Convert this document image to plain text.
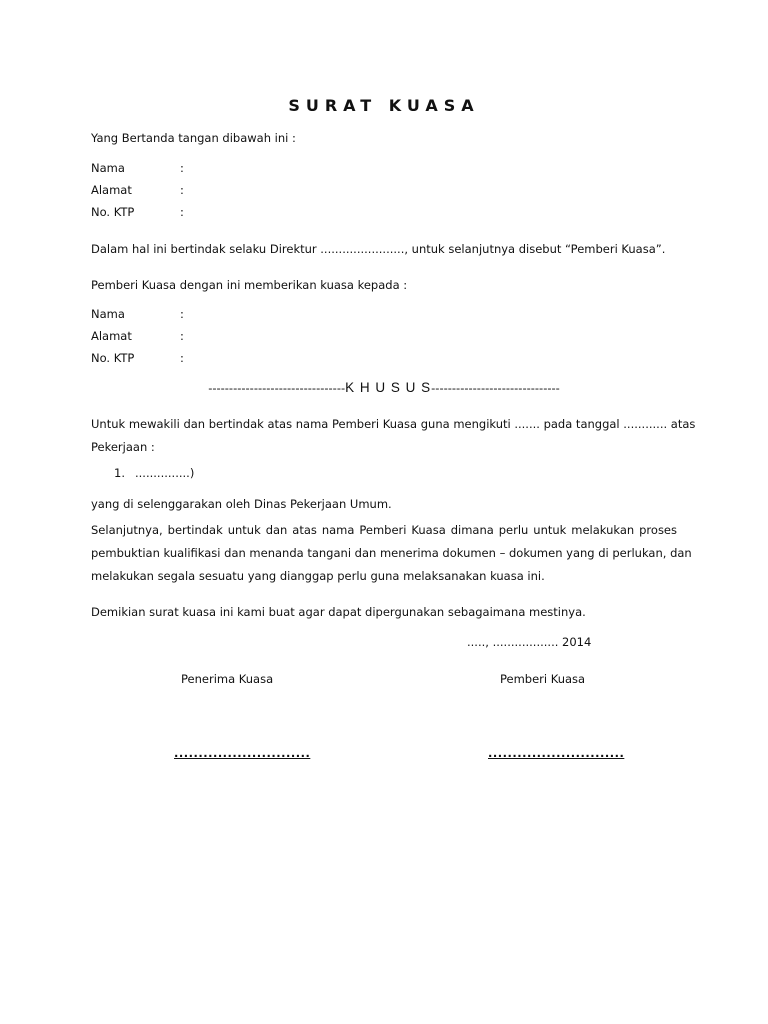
SURAT KUASA
Yang Bertanda tangan dibawah ini :
Nama	:
Alamat	:
No. KTP	:
Dalam hal ini bertindak selaku Direktur ......................., untuk selanjutnya disebut “Pemberi Kuasa”.
Pemberi Kuasa dengan ini memberikan kuasa kepada :
Nama	:
Alamat	:
No. KTP	:
---------------------------------K H U S U S-------------------------------
Untuk mewakili dan bertindak atas nama Pemberi Kuasa guna mengikuti ....... pada tanggal ............ atas
Pekerjaan :
1. ...............)
yang di selenggarakan oleh Dinas Pekerjaan Umum.
Selanjutnya, bertindak untuk dan atas nama Pemberi Kuasa dimana perlu untuk melakukan proses
pembuktian kualifikasi dan menanda tangani dan menerima dokumen – dokumen yang di perlukan, dan
melakukan segala sesuatu yang dianggap perlu guna melaksanakan kuasa ini.
Demikian surat kuasa ini kami buat agar dapat dipergunakan sebagaimana mestinya.
....., .................. 2014
Penerima Kuasa	Pemberi Kuasa
............................	............................
